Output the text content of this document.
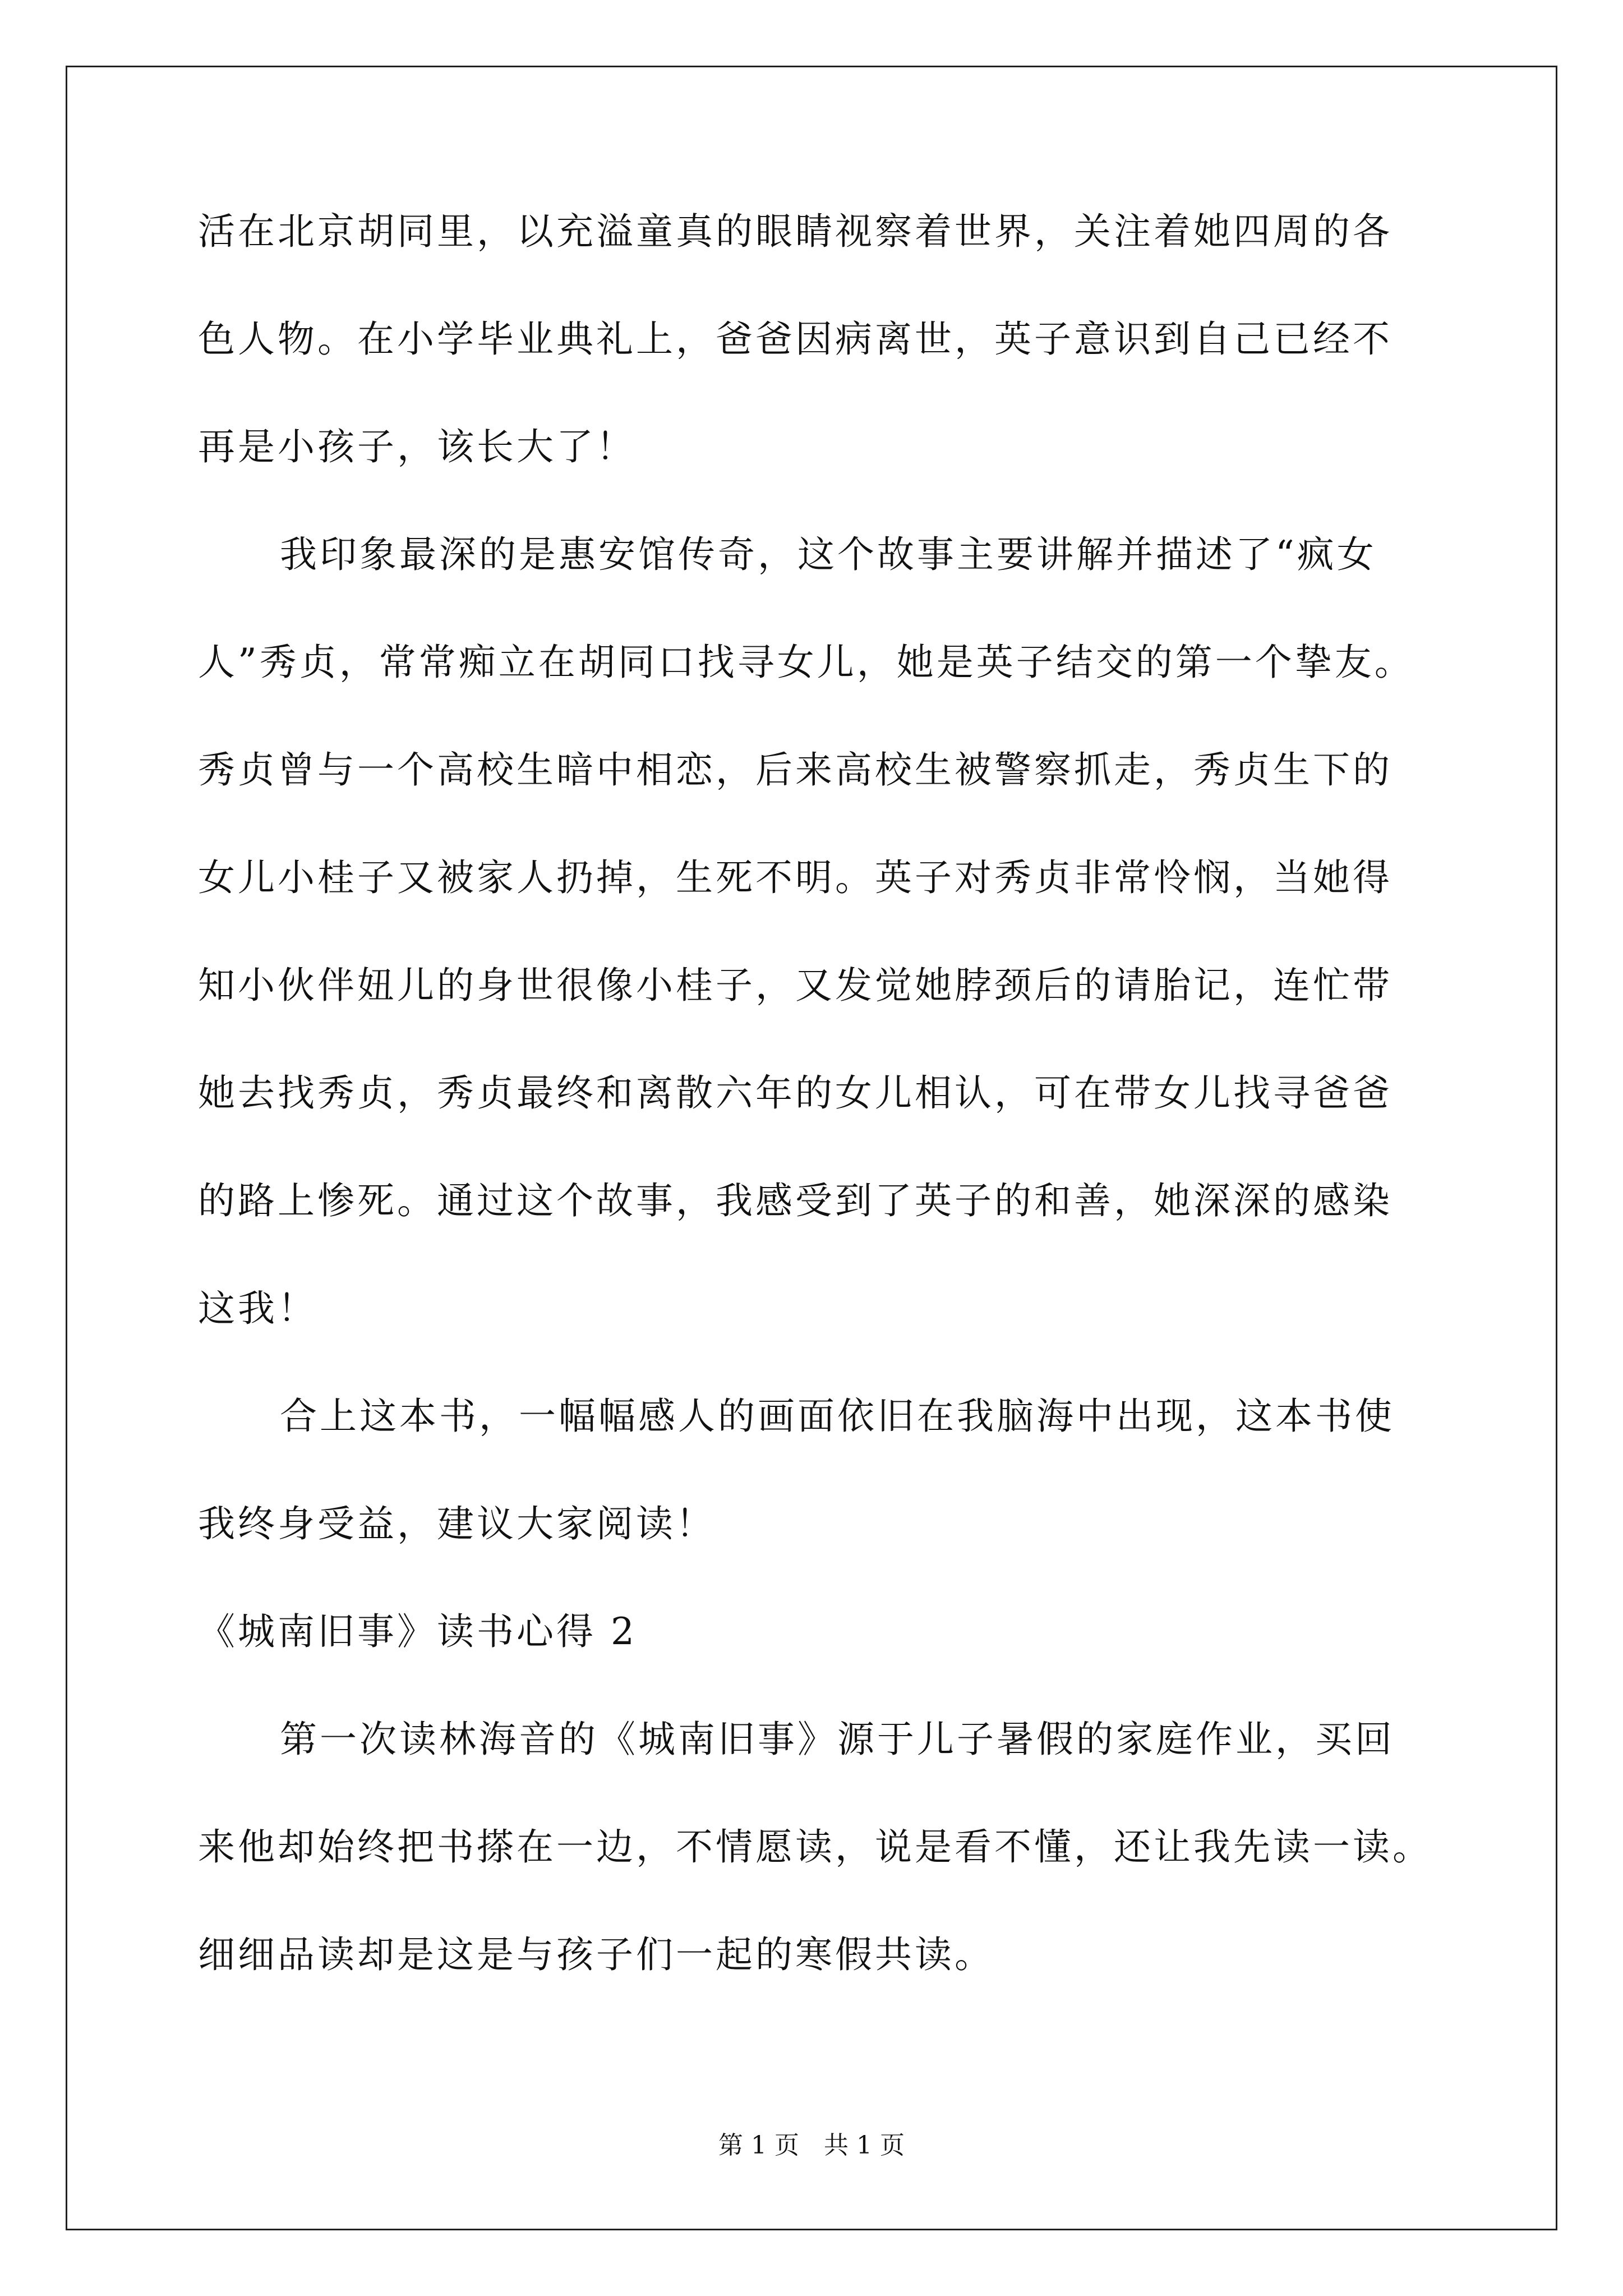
活在北京胡同里，以充溢童真的眼睛视察着世界，关注着她四周的各
色人物。在小学毕业典礼上，爸爸因病离世，英子意识到自己已经不
再是小孩子，该长大了！
我印象最深的是惠安馆传奇，这个故事主要讲解并描述了“疯女
人”秀贞，常常痴立在胡同口找寻女儿，她是英子结交的第一个挚友。
秀贞曾与一个高校生暗中相恋，后来高校生被警察抓走，秀贞生下的
女儿小桂子又被家人扔掉，生死不明。英子对秀贞非常怜悯，当她得
知小伙伴妞儿的身世很像小桂子，又发觉她脖颈后的请胎记，连忙带
她去找秀贞，秀贞最终和离散六年的女儿相认，可在带女儿找寻爸爸
的路上惨死。通过这个故事，我感受到了英子的和善，她深深的感染
这我！
合上这本书，一幅幅感人的画面依旧在我脑海中出现，这本书使
我终身受益，建议大家阅读！
《城南旧事》读书心得 2
第一次读林海音的《城南旧事》源于儿子暑假的家庭作业，买回
来他却始终把书搽在一边，不情愿读，说是看不懂，还让我先读一读。
细细品读却是这是与孩子们一起的寒假共读。
第 1 页 共 1 页
